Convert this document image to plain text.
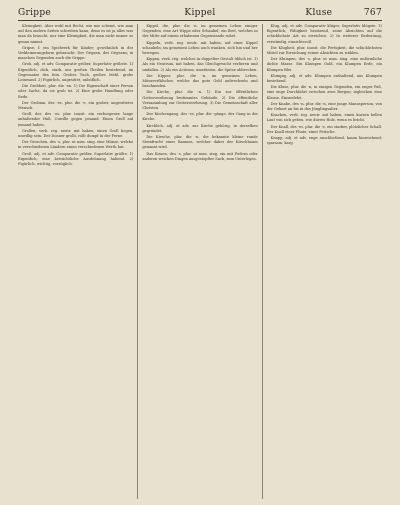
Grippe	Kippel	Kluse	767

Kleinigkeit. Aber wohl mit Recht, wie mir scheint, wie man auf den andern Seiten schreiben kann; denn es ist ja alles was man da braucht, nur eine Kleinigkeit, die man nicht immer so genau nimmt.

Gripse, f. ein Spielwerk für Kinder; gewöhnlich in der Verkleinerungsform gebraucht. Der Gripsen, des Gripsens; in manchen Gegenden auch die Grippe.

Grob, adj. et adv. Comparativ gröber, Superlativ gröbste. 1) Eigentlich, dick, stark, aus großen Theilen bestehend, im Gegensatze des fein. Grobes Tuch, grobes Mehl, grobe Leinwand. 2) Figürlich, ungesittet, unhöflich.

Die Grobheit, plur. die -en. 1) Die Eigenschaft einer Person oder Sache, da sie grob ist. 2) Eine grobe Handlung oder Rede.

Der Grobian, des -es, plur. die -e, ein grober, ungesitteter Mensch.

Groll, der, des -es, plur. inusit. ein verborgener, lange anhaltender Haß, Unwille gegen jemand. Einen Groll auf jemand haben.

Grollen, verb. reg. neutr. mit haben, einen Groll hegen, unwillig sein. Der Donner grollt, rollt dumpf in der Ferne.

Der Groschen, des -s, plur. ut nom. sing. eine Münze, welche in verschiedenen Ländern einen verschiedenen Werth hat.

Groß, adj. et adv. Comparativ größer, Superlativ größte. 1) Eigentlich, eine beträchtliche Ausdehnung habend. 2) Figürlich, wichtig, vorzüglich.

Kippel, die, plur. die -n, im gemeinen Leben einiger Gegenden, eine Art Wippe oder Schaukel; ein Bret, welches in der Mitte auf einem erhabenen Gegenstande ruhet.

Kippeln, verb. reg. neutr. mit haben, auf einer Kippel schaukeln; im gemeinen Leben auch wanken, sich hin und her bewegen.

Kippen, verb. reg. welches in doppelter Gestalt üblich ist. 1) Als ein Neutrum, mit haben, das Gleichgewicht verlieren und umfallen. 2) Als ein Activum, umstürzen, die Spitze abbrechen.

Die Kipper, plur. die -n, im gemeinen Leben, Münzverfälscher, welche das gute Geld aufwechseln und beschneiden.

Die Kirche, plur. die -n. 1) Ein zur öffentlichen Gottesverehrung bestimmtes Gebäude. 2) Die öffentliche Versammlung zur Gottesverehrung. 3) Die Gemeinschaft aller Christen.

Der Kirchengang, des -es, plur. die -gänge, der Gang in die Kirche.

Kirchlich, adj. et adv. zur Kirche gehörig, in derselben gegründet.

Die Kirsche, plur. die -n, die bekannte kleine runde Steinfrucht eines Baumes, welcher daher der Kirschbaum genannt wird.

Das Kissen, des -s, plur. ut nom. sing. ein mit Federn oder anderen weichen Dingen ausgestopfter Sack, zum Unterlegen.

Klug, adj. et adv. Comparativ klüger, Superlativ klügste. 1) Eigentlich, Fähigkeit besitzend, seine Absichten auf die schicklichste Art zu erreichen. 2) In weiterer Bedeutung, verständig, einsichtsvoll.

Die Klugheit, plur. inusit. die Fertigkeit, die schicklichsten Mittel zur Erreichung seiner Absichten zu wählen.

Der Klumpen, des -s, plur. ut nom. sing. eine unförmliche dichte Masse. Ein Klumpen Gold, ein Klumpen Erde, ein Klumpen Blei.

Klumpig, adj. et adv. Klumpen enthaltend, aus Klumpen bestehend.

Die Kluse, plur. die -n, in einigen Gegenden, ein enger Paß, eine enge Durchfahrt zwischen zwei Bergen; ingleichen eine Klause, Einsiedelei.

Der Knabe, des -n, plur. die -n, eine junge Mannsperson, von der Geburt an bis in das Jünglingsalter.

Knacken, verb. reg. neutr. mit haben, einen kurzen hellen Laut von sich geben, wie dürres Holz, wenn es bricht.

Der Knall, des -es, plur. die -e, ein starker, plötzlicher Schall. Der Knall einer Flinte, einer Peitsche.

Knapp, adj. et adv. enge anschließend, kaum hinreichend; sparsam, karg.
